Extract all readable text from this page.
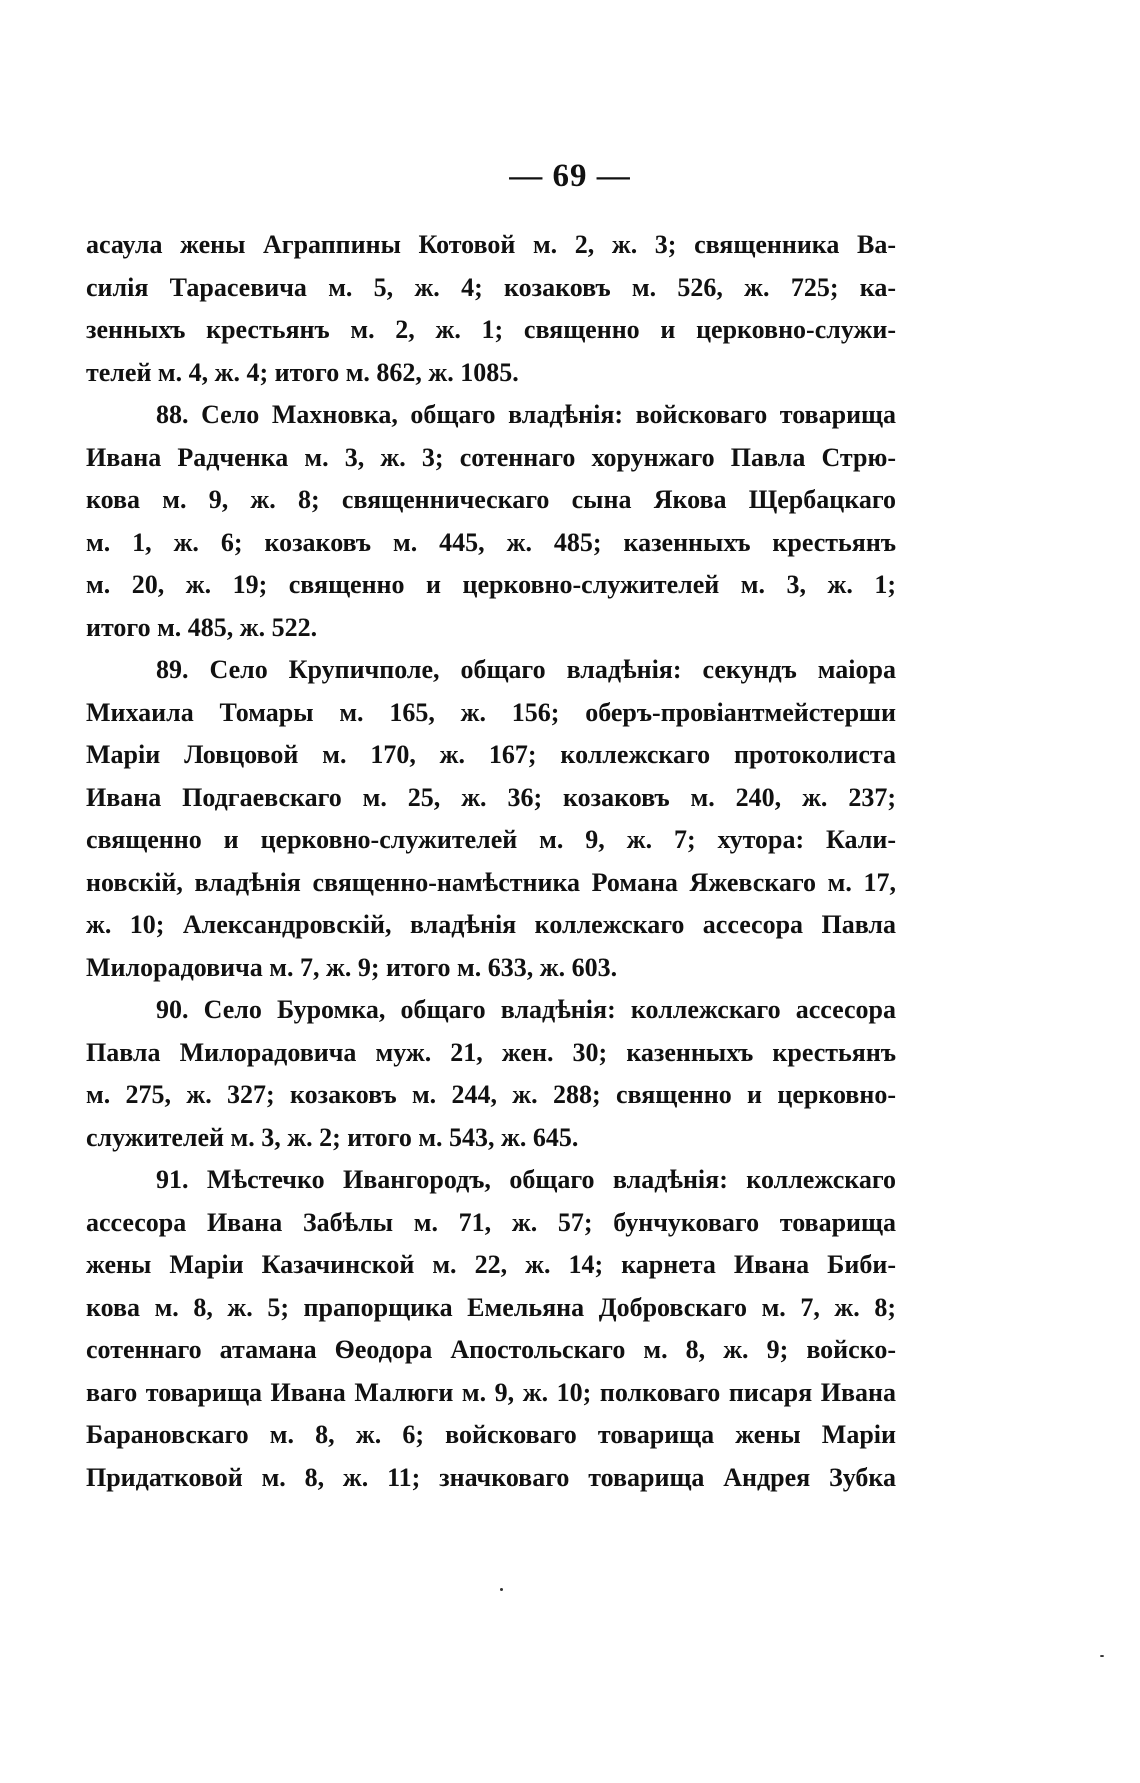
— 69 —
асаула жены Аграппины Котовой м. 2, ж. 3; священника Ва-
силія Тарасевича м. 5, ж. 4; козаковъ м. 526, ж. 725; ка-
зенныхъ крестьянъ м. 2, ж. 1; священно и церковно-служи-
телей м. 4, ж. 4; итого м. 862, ж. 1085.
88. Село Махновка, общаго владѣнія: войсковаго товарища
Ивана Радченка м. 3, ж. 3; сотеннаго хорунжаго Павла Стрю-
кова м. 9, ж. 8; священническаго сына Якова Щербацкаго
м. 1, ж. 6; козаковъ м. 445, ж. 485; казенныхъ крестьянъ
м. 20, ж. 19; священно и церковно-служителей м. 3, ж. 1;
итого м. 485, ж. 522.
89. Село Крупичполе, общаго владѣнія: секундъ маіора
Михаила Томары м. 165, ж. 156; оберъ-провіантмейстерши
Маріи Ловцовой м. 170, ж. 167; коллежскаго протоколиста
Ивана Подгаевскаго м. 25, ж. 36; козаковъ м. 240, ж. 237;
священно и церковно-служителей м. 9, ж. 7; хутора: Кали-
новскій, владѣнія священно-намѣстника Романа Яжевскаго м. 17,
ж. 10; Александровскій, владѣнія коллежскаго ассесора Павла
Милорадовича м. 7, ж. 9; итого м. 633, ж. 603.
90. Село Буромка, общаго владѣнія: коллежскаго ассесора
Павла Милорадовича муж. 21, жен. 30; казенныхъ крестьянъ
м. 275, ж. 327; козаковъ м. 244, ж. 288; священно и церковно-
служителей м. 3, ж. 2; итого м. 543, ж. 645.
91. Мѣстечко Ивангородъ, общаго владѣнія: коллежскаго
ассесора Ивана Забѣлы м. 71, ж. 57; бунчуковаго товарища
жены Маріи Казачинской м. 22, ж. 14; карнета Ивана Биби-
кова м. 8, ж. 5; прапорщика Емельяна Добровскаго м. 7, ж. 8;
сотеннаго атамана Ѳеодора Апостольскаго м. 8, ж. 9; войско-
ваго товарища Ивана Малюги м. 9, ж. 10; полковаго писаря Ивана
Барановскаго м. 8, ж. 6; войсковаго товарища жены Маріи
Придатковой м. 8, ж. 11; значковаго товарища Андрея Зубка
